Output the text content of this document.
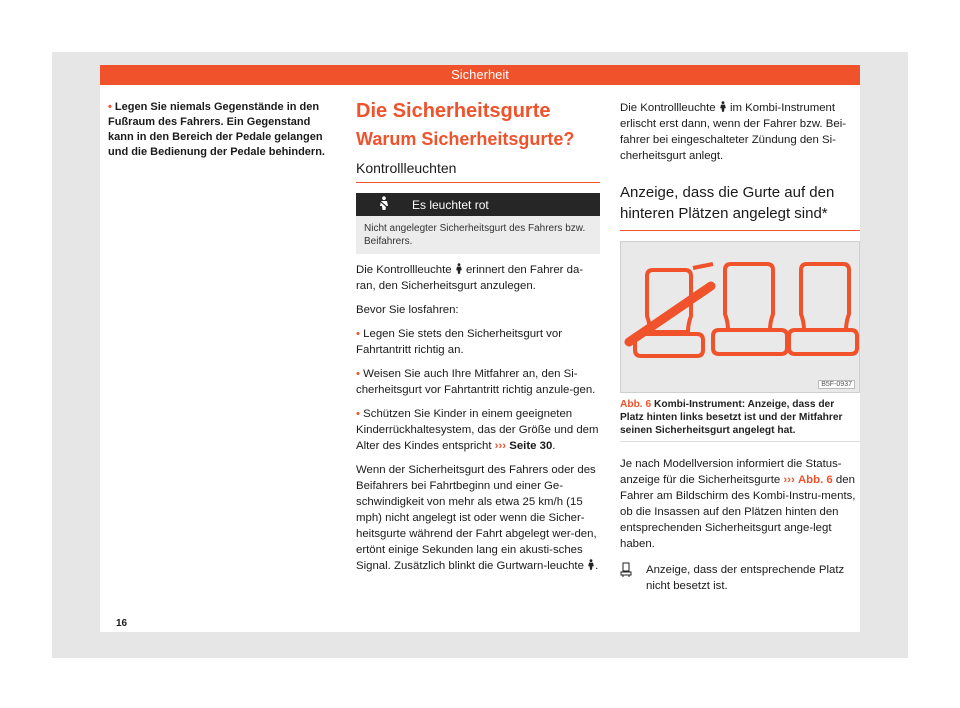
Sicherheit

• Legen Sie niemals Gegenstände in den Fußraum des Fahrers. Ein Gegenstand kann in den Bereich der Pedale gelangen und die Bedienung der Pedale behindern.

Die Sicherheitsgurte
Warum Sicherheitsgurte?
Kontrollleuchten
Es leuchtet rot
Nicht angelegter Sicherheitsgurt des Fahrers bzw. Beifahrers.

Die Kontrollleuchte erinnert den Fahrer da-ran, den Sicherheitsgurt anzulegen.

Bevor Sie losfahren:

• Legen Sie stets den Sicherheitsgurt vor Fahrtantritt richtig an.

• Weisen Sie auch Ihre Mitfahrer an, den Si-cherheitsgurt vor Fahrtantritt richtig anzule-gen.

• Schützen Sie Kinder in einem geeigneten Kinderrückhaltesystem, das der Größe und dem Alter des Kindes entspricht ››› Seite 30.

Wenn der Sicherheitsgurt des Fahrers oder des Beifahrers bei Fahrtbeginn und einer Ge-schwindigkeit von mehr als etwa 25 km/h (15 mph) nicht angelegt ist oder wenn die Sicher-heitsgurte während der Fahrt abgelegt wer-den, ertönt einige Sekunden lang ein akusti-sches Signal. Zusätzlich blinkt die Gurtwarn-leuchte .

Die Kontrollleuchte im Kombi-Instrument erlischt erst dann, wenn der Fahrer bzw. Bei-fahrer bei eingeschalteter Zündung den Si-cherheitsgurt anlegt.

Anzeige, dass die Gurte auf den hinteren Plätzen angelegt sind*
B5F-0937
Abb. 6 Kombi-Instrument: Anzeige, dass der Platz hinten links besetzt ist und der Mitfahrer seinen Sicherheitsgurt angelegt hat.

Je nach Modellversion informiert die Status-anzeige für die Sicherheitsgurte ››› Abb. 6 den Fahrer am Bildschirm des Kombi-Instru-ments, ob die Insassen auf den Plätzen hinten den entsprechenden Sicherheitsgurt ange-legt haben.

Anzeige, dass der entsprechende Platz nicht besetzt ist.
16
